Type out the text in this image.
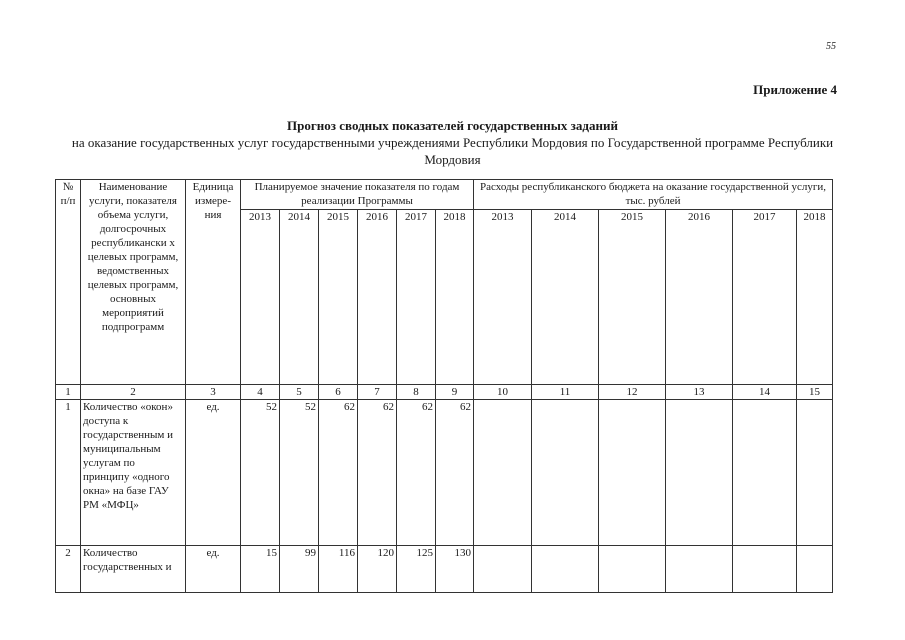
55
Приложение 4
Прогноз сводных показателей государственных заданий
на оказание государственных услуг государственными учреждениями Республики Мордовия по Государственной программе Республики Мордовия
№ п/п	Наименование услуги, показателя объема услуги, долгосрочных республикански х целевых программ, ведомственных целевых программ, основных мероприятий подпрограмм	Единица измере-ния	Планируемое значение показателя по годам реализации Программы						Расходы республиканского бюджета на оказание государственной услуги, тыс. рублей					
			2013	2014	2015	2016	2017	2018	2013	2014	2015	2016	2017	2018
1	2	3	4	5	6	7	8	9	10	11	12	13	14	15
1	Количество «окон» доступа к государственным и муниципальным услугам по принципу «одного окна» на базе ГАУ РМ «МФЦ»	ед.	52	52	62	62	62	62						
2	Количество государственных и	ед.	15	99	116	120	125	130						
